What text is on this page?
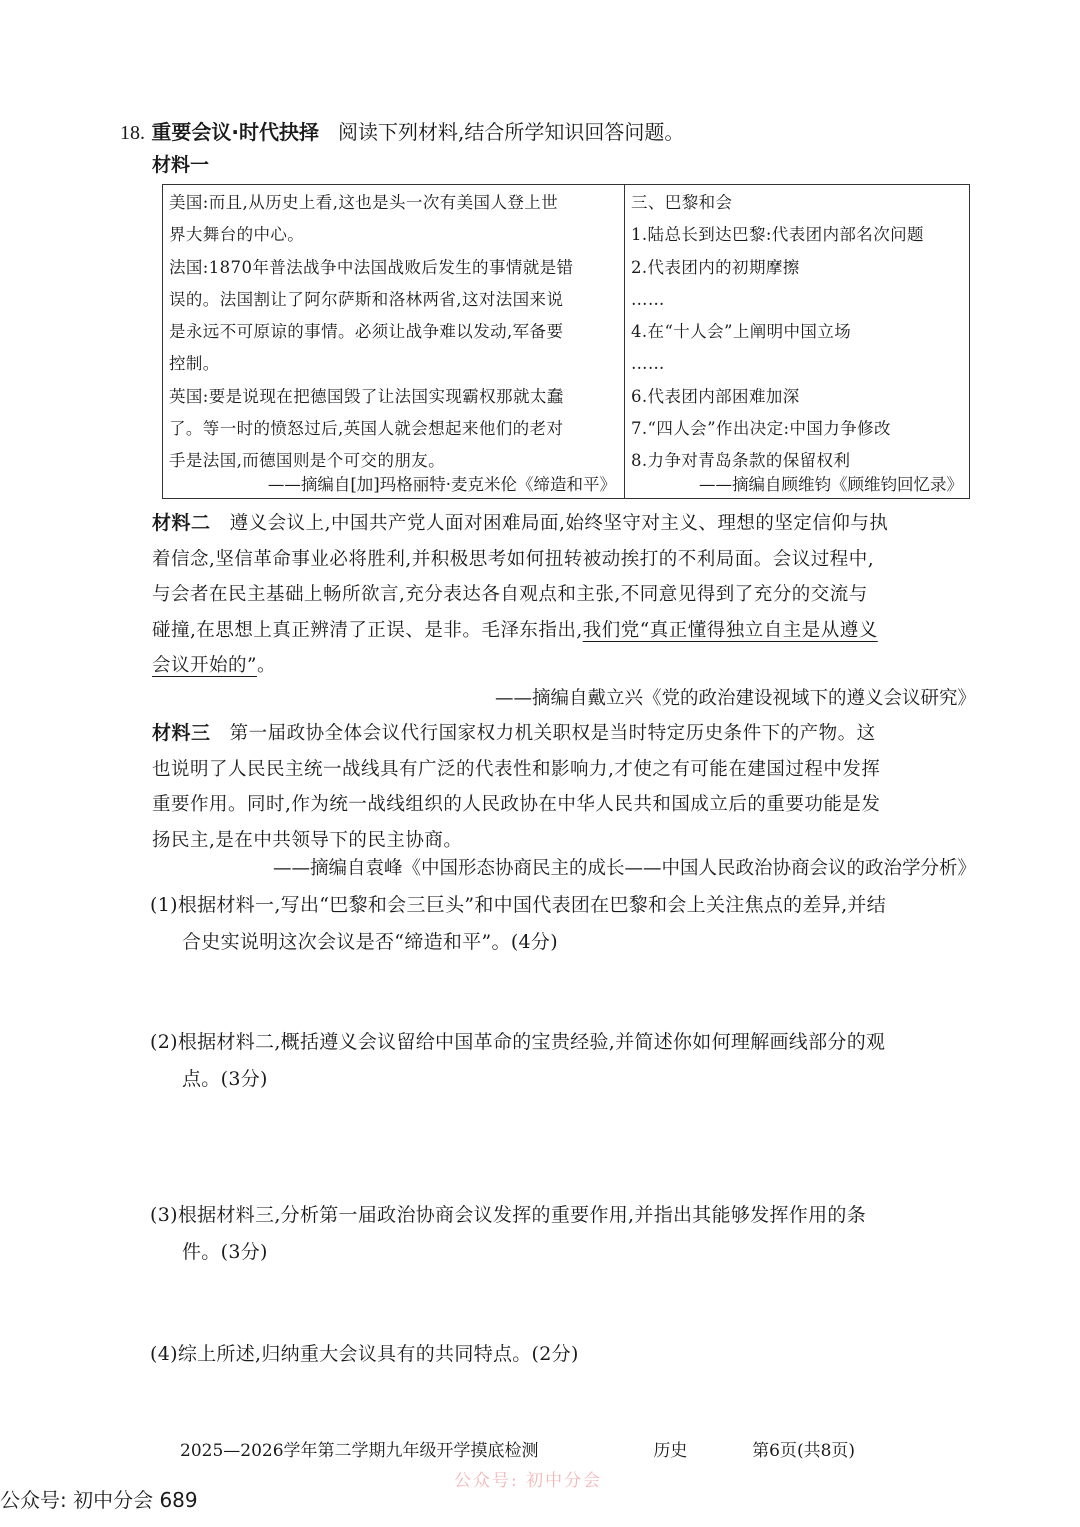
18. 重要会议·时代抉择 阅读下列材料,结合所学知识回答问题。
材料一
美国:而且,从历史上看,这也是头一次有美国人登上世
界大舞台的中心。
法国:1870年普法战争中法国战败后发生的事情就是错
误的。法国割让了阿尔萨斯和洛林两省,这对法国来说
是永远不可原谅的事情。必须让战争难以发动,军备要
控制。
英国:要是说现在把德国毁了让法国实现霸权那就太蠢
了。等一时的愤怒过后,英国人就会想起来他们的老对
手是法国,而德国则是个可交的朋友。
——摘编自[加]玛格丽特·麦克米伦《缔造和平》
三、巴黎和会
1.陆总长到达巴黎:代表团内部名次问题
2.代表团内的初期摩擦
……
4.在“十人会”上阐明中国立场
……
6.代表团内部困难加深
7.“四人会”作出决定:中国力争修改
8.力争对青岛条款的保留权利
——摘编自顾维钧《顾维钧回忆录》
材料二 遵义会议上,中国共产党人面对困难局面,始终坚守对主义、理想的坚定信仰与执
着信念,坚信革命事业必将胜利,并积极思考如何扭转被动挨打的不利局面。会议过程中,
与会者在民主基础上畅所欲言,充分表达各自观点和主张,不同意见得到了充分的交流与
碰撞,在思想上真正辨清了正误、是非。毛泽东指出,我们党“真正懂得独立自主是从遵义
会议开始的”。
——摘编自戴立兴《党的政治建设视域下的遵义会议研究》
材料三 第一届政协全体会议代行国家权力机关职权是当时特定历史条件下的产物。这
也说明了人民民主统一战线具有广泛的代表性和影响力,才使之有可能在建国过程中发挥
重要作用。同时,作为统一战线组织的人民政协在中华人民共和国成立后的重要功能是发
扬民主,是在中共领导下的民主协商。
——摘编自袁峰《中国形态协商民主的成长——中国人民政治协商会议的政治学分析》
(1)根据材料一,写出“巴黎和会三巨头”和中国代表团在巴黎和会上关注焦点的差异,并结
合史实说明这次会议是否“缔造和平”。(4分)
(2)根据材料二,概括遵义会议留给中国革命的宝贵经验,并简述你如何理解画线部分的观
点。(3分)
(3)根据材料三,分析第一届政治协商会议发挥的重要作用,并指出其能够发挥作用的条
件。(3分)
(4)综上所述,归纳重大会议具有的共同特点。(2分)
2025—2026学年第二学期九年级开学摸底检测	历史	第6页(共8页)
公众号: 初中分会
公众号: 初中分会 689
